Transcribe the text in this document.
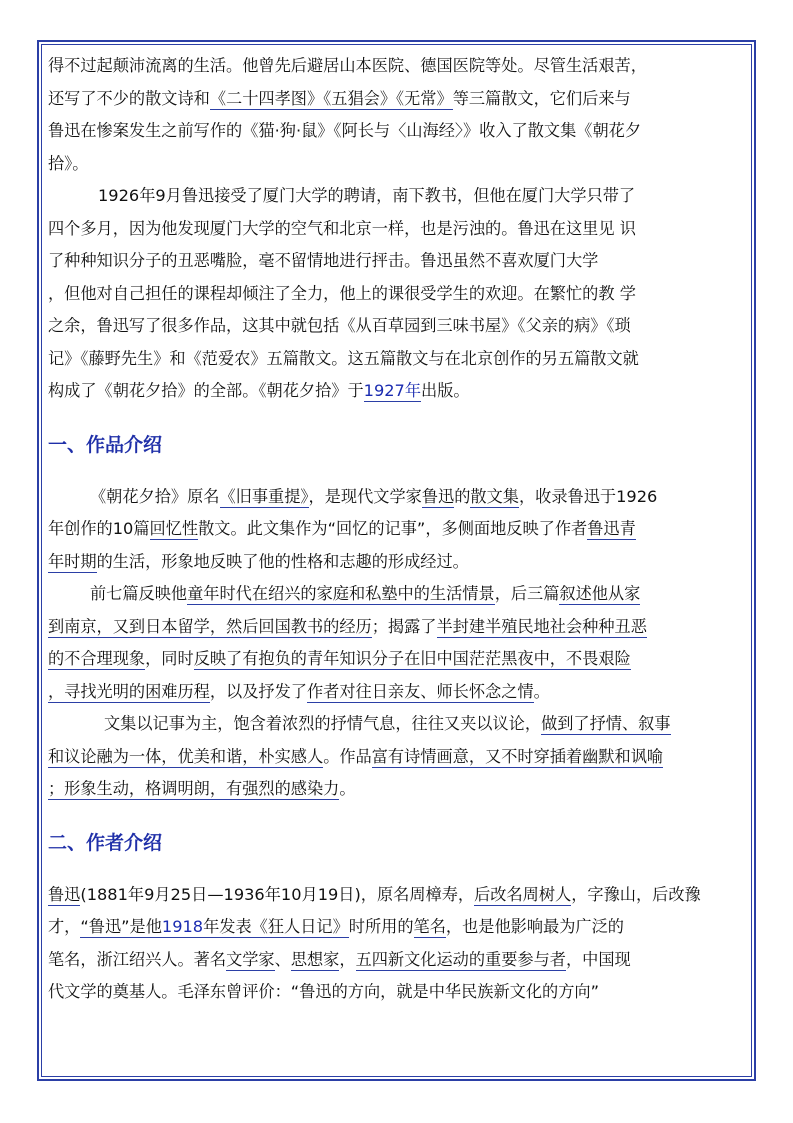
得不过起颠沛流离的生活。他曾先后避居山本医院、德国医院等处。尽管生活艰苦，
还写了不少的散文诗和《二十四孝图》《五猖会》《无常》等三篇散文，它们后来与
鲁迅在惨案发生之前写作的《猫·狗·鼠》《阿长与〈山海经〉》收入了散文集《朝花夕
拾》。
1926年9月鲁迅接受了厦门大学的聘请，南下教书，但他在厦门大学只带了
四个多月，因为他发现厦门大学的空气和北京一样，也是污浊的。鲁迅在这里见 识
了种种知识分子的丑恶嘴脸，毫不留情地进行抨击。鲁迅虽然不喜欢厦门大学
，但他对自己担任的课程却倾注了全力，他上的课很受学生的欢迎。在繁忙的教 学
之余，鲁迅写了很多作品，这其中就包括《从百草园到三味书屋》《父亲的病》《琐
记》《藤野先生》和《范爱农》五篇散文。这五篇散文与在北京创作的另五篇散文就
构成了《朝花夕拾》的全部。《朝花夕拾》于1927年出版。
一、作品介绍
《朝花夕拾》原名《旧事重提》，是现代文学家鲁迅的散文集，收录鲁迅于1926
年创作的10篇回忆性散文。此文集作为“回忆的记事”，多侧面地反映了作者鲁迅青
年时期的生活，形象地反映了他的性格和志趣的形成经过。
前七篇反映他童年时代在绍兴的家庭和私塾中的生活情景，后三篇叙述他从家
到南京，又到日本留学，然后回国教书的经历；揭露了半封建半殖民地社会种种丑恶
的不合理现象，同时反映了有抱负的青年知识分子在旧中国茫茫黑夜中，不畏艰险
，寻找光明的困难历程，以及抒发了作者对往日亲友、师长怀念之情。
文集以记事为主，饱含着浓烈的抒情气息，往往又夹以议论，做到了抒情、叙事
和议论融为一体，优美和谐，朴实感人。作品富有诗情画意，又不时穿插着幽默和讽喻
；形象生动，格调明朗，有强烈的感染力。
二、作者介绍
鲁迅(1881年9月25日—1936年10月19日)，原名周樟寿，后改名周树人，字豫山，后改豫
才，“鲁迅”是他1918年发表《狂人日记》时所用的笔名，也是他影响最为广泛的
笔名，浙江绍兴人。著名文学家、思想家，五四新文化运动的重要参与者，中国现
代文学的奠基人。毛泽东曾评价：“鲁迅的方向，就是中华民族新文化的方向”
